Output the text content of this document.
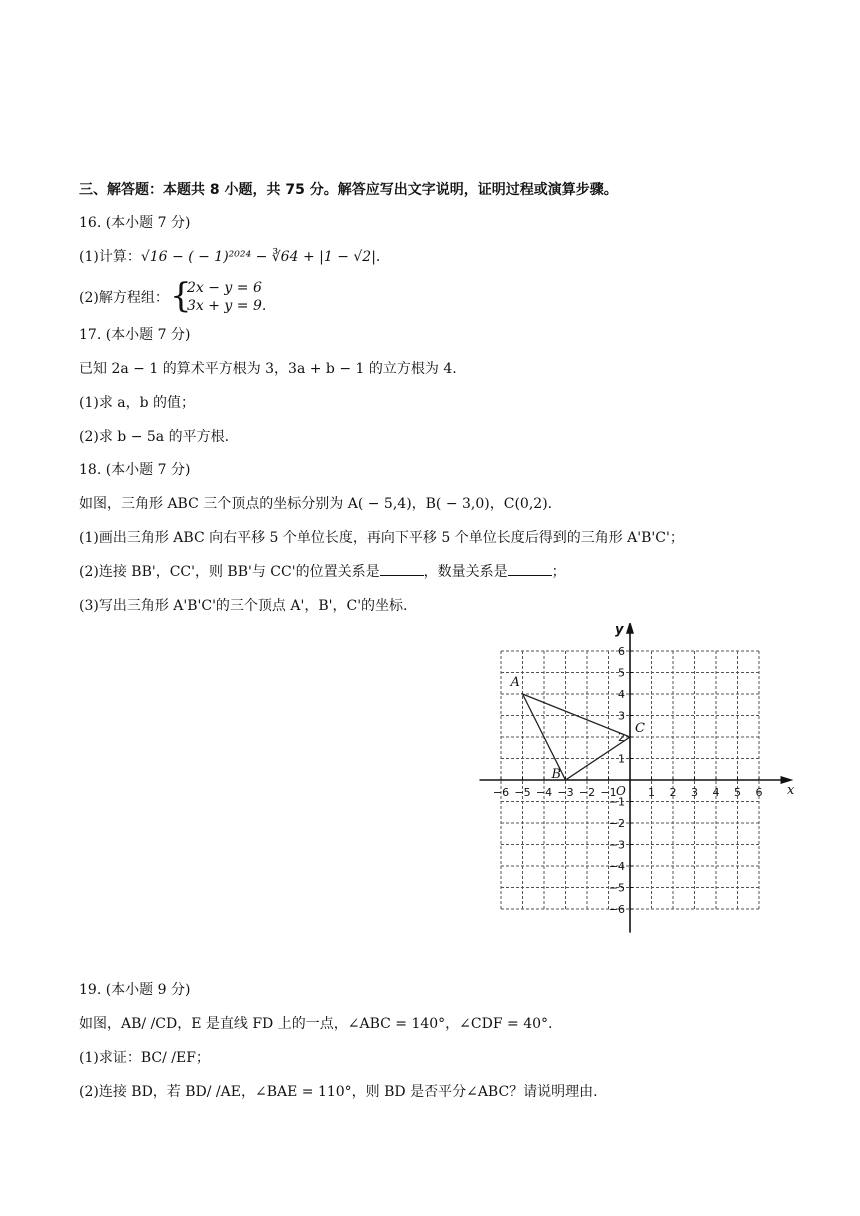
三、解答题：本题共 8 小题，共 75 分。解答应写出文字说明，证明过程或演算步骤。
16. (本小题 7 分)
(1)计算：√16 − ( − 1)²⁰²⁴ − ∛64 + |1 − √2|.
(2)解方程组： {
2x − y = 6
3x + y = 9.
17. (本小题 7 分)
已知 2a − 1 的算术平方根为 3，3a + b − 1 的立方根为 4.
(1)求 a，b 的值；
(2)求 b − 5a 的平方根.
18. (本小题 7 分)
如图，三角形 ABC 三个顶点的坐标分别为 A( − 5,4)，B( − 3,0)，C(0,2).
(1)画出三角形 ABC 向右平移 5 个单位长度，再向下平移 5 个单位长度后得到的三角形 A'B'C'；
(2)连接 BB'，CC'，则 BB'与 CC'的位置关系是	，数量关系是	；
(3)写出三角形 A'B'C'的三个顶点 A'，B'，C'的坐标.
x
y
O
−6 −5 −4 −3 −2 −1	1 2 3 4 5 6
6
5
4
3
2
1
−1
−2
−3
−4
−5
−6
A
B
C
19. (本小题 9 分)
如图，AB/ /CD，E 是直线 FD 上的一点，∠ABC = 140°，∠CDF = 40°.
(1)求证：BC/ /EF；
(2)连接 BD，若 BD/ /AE，∠BAE = 110°，则 BD 是否平分∠ABC？请说明理由.
